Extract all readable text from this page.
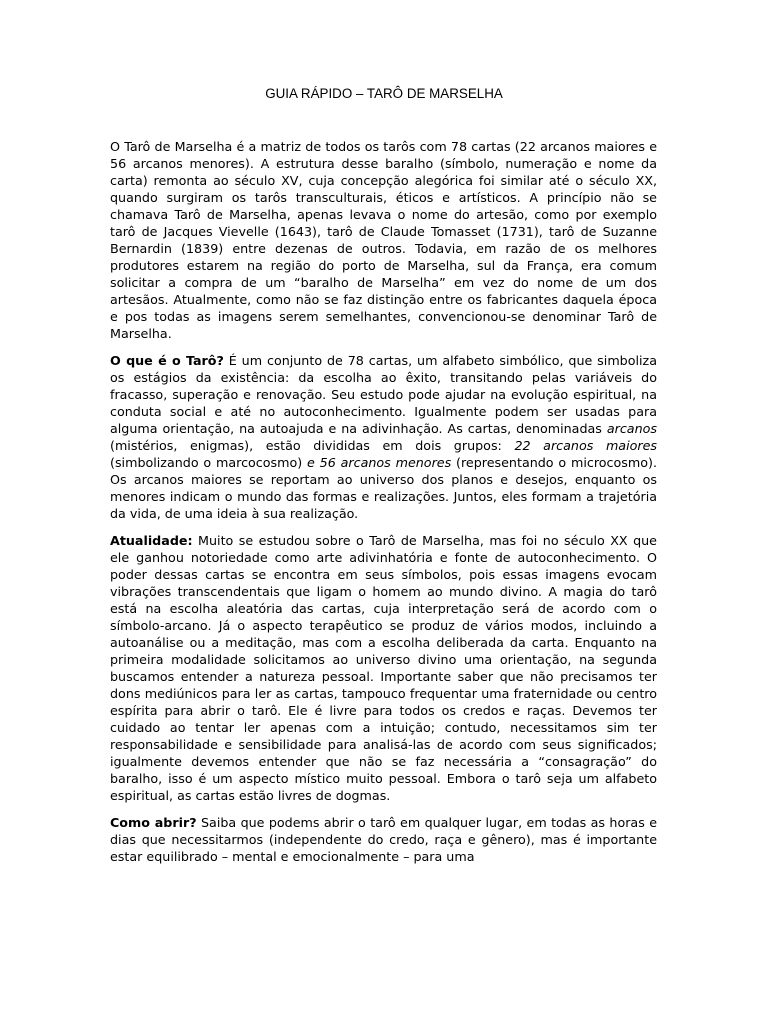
GUIA RÁPIDO – TARÔ DE MARSELHA

O Tarô de Marselha é a matriz de todos os tarôs com 78 cartas (22 arcanos maiores e 56 arcanos menores). A estrutura desse baralho (símbolo, numeração e nome da carta) remonta ao século XV, cuja concepção alegórica foi similar até o século XX, quando surgiram os tarôs transculturais, éticos e artísticos. A princípio não se chamava Tarô de Marselha, apenas levava o nome do artesão, como por exemplo tarô de Jacques Vievelle (1643), tarô de Claude Tomasset (1731), tarô de Suzanne Bernardin (1839) entre dezenas de outros. Todavia, em razão de os melhores produtores estarem na região do porto de Marselha, sul da França, era comum solicitar a compra de um “baralho de Marselha” em vez do nome de um dos artesãos. Atualmente, como não se faz distinção entre os fabricantes daquela época e pos todas as imagens serem semelhantes, convencionou-se denominar Tarô de Marselha.

O que é o Tarô? É um conjunto de 78 cartas, um alfabeto simbólico, que simboliza os estágios da existência: da escolha ao êxito, transitando pelas variáveis do fracasso, superação e renovação. Seu estudo pode ajudar na evolução espiritual, na conduta social e até no autoconhecimento. Igualmente podem ser usadas para alguma orientação, na autoajuda e na adivinhação. As cartas, denominadas arcanos (mistérios, enigmas), estão divididas em dois grupos: 22 arcanos maiores (simbolizando o marcocosmo) e 56 arcanos menores (representando o microcosmo). Os arcanos maiores se reportam ao universo dos planos e desejos, enquanto os menores indicam o mundo das formas e realizações. Juntos, eles formam a trajetória da vida, de uma ideia à sua realização.

Atualidade: Muito se estudou sobre o Tarô de Marselha, mas foi no século XX que ele ganhou notoriedade como arte adivinhatória e fonte de autoconhecimento. O poder dessas cartas se encontra em seus símbolos, pois essas imagens evocam vibrações transcendentais que ligam o homem ao mundo divino. A magia do tarô está na escolha aleatória das cartas, cuja interpretação será de acordo com o símbolo-arcano. Já o aspecto terapêutico se produz de vários modos, incluindo a autoanálise ou a meditação, mas com a escolha deliberada da carta. Enquanto na primeira modalidade solicitamos ao universo divino uma orientação, na segunda buscamos entender a natureza pessoal. Importante saber que não precisamos ter dons mediúnicos para ler as cartas, tampouco frequentar uma fraternidade ou centro espírita para abrir o tarô. Ele é livre para todos os credos e raças. Devemos ter cuidado ao tentar ler apenas com a intuição; contudo, necessitamos sim ter responsabilidade e sensibilidade para analisá-las de acordo com seus significados; igualmente devemos entender que não se faz necessária a “consagração” do baralho, isso é um aspecto místico muito pessoal. Embora o tarô seja um alfabeto espiritual, as cartas estão livres de dogmas.

Como abrir? Saiba que podems abrir o tarô em qualquer lugar, em todas as horas e dias que necessitarmos (independente do credo, raça e gênero), mas é importante estar equilibrado – mental e emocionalmente – para uma
